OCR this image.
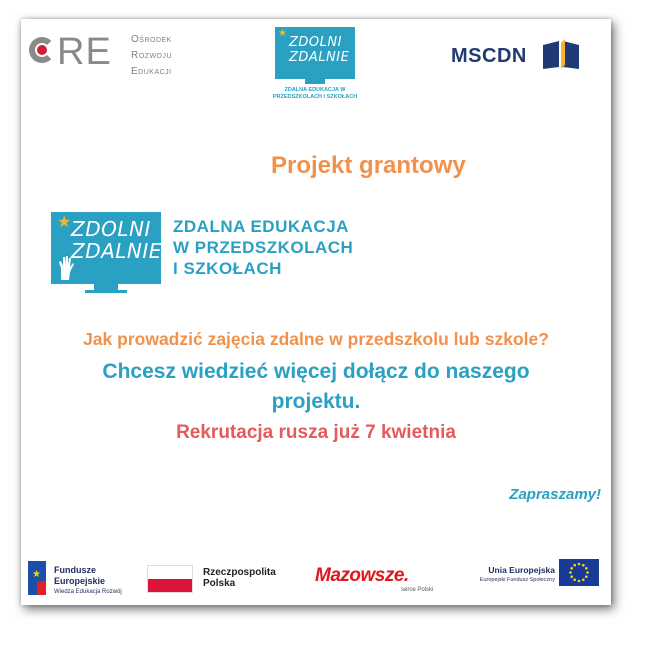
RE Ośrodek
Rozwoju
Edukacji
★
ZDOLNI
ZDALNIE
ZDALNA EDUKACJA W PRZEDSZKOLACH I SZKOŁACH
MSCDN
Projekt grantowy
★ ZDOLNI
ZDALNIE
ZDALNA EDUKACJA
W PRZEDSZKOLACH
I SZKOŁACH
Jak prowadzić zajęcia zdalne w przedszkolu lub szkole?
Chcesz wiedzieć więcej dołącz do naszego projektu.
Rekrutacja rusza już 7 kwietnia
Zapraszamy!
★ Fundusze
Europejskie
Wiedza Edukacja Rozwój
Rzeczpospolita
Polska	Mazowsze.
serce Polski
Unia Europejska
Europejski Fundusz Społeczny
